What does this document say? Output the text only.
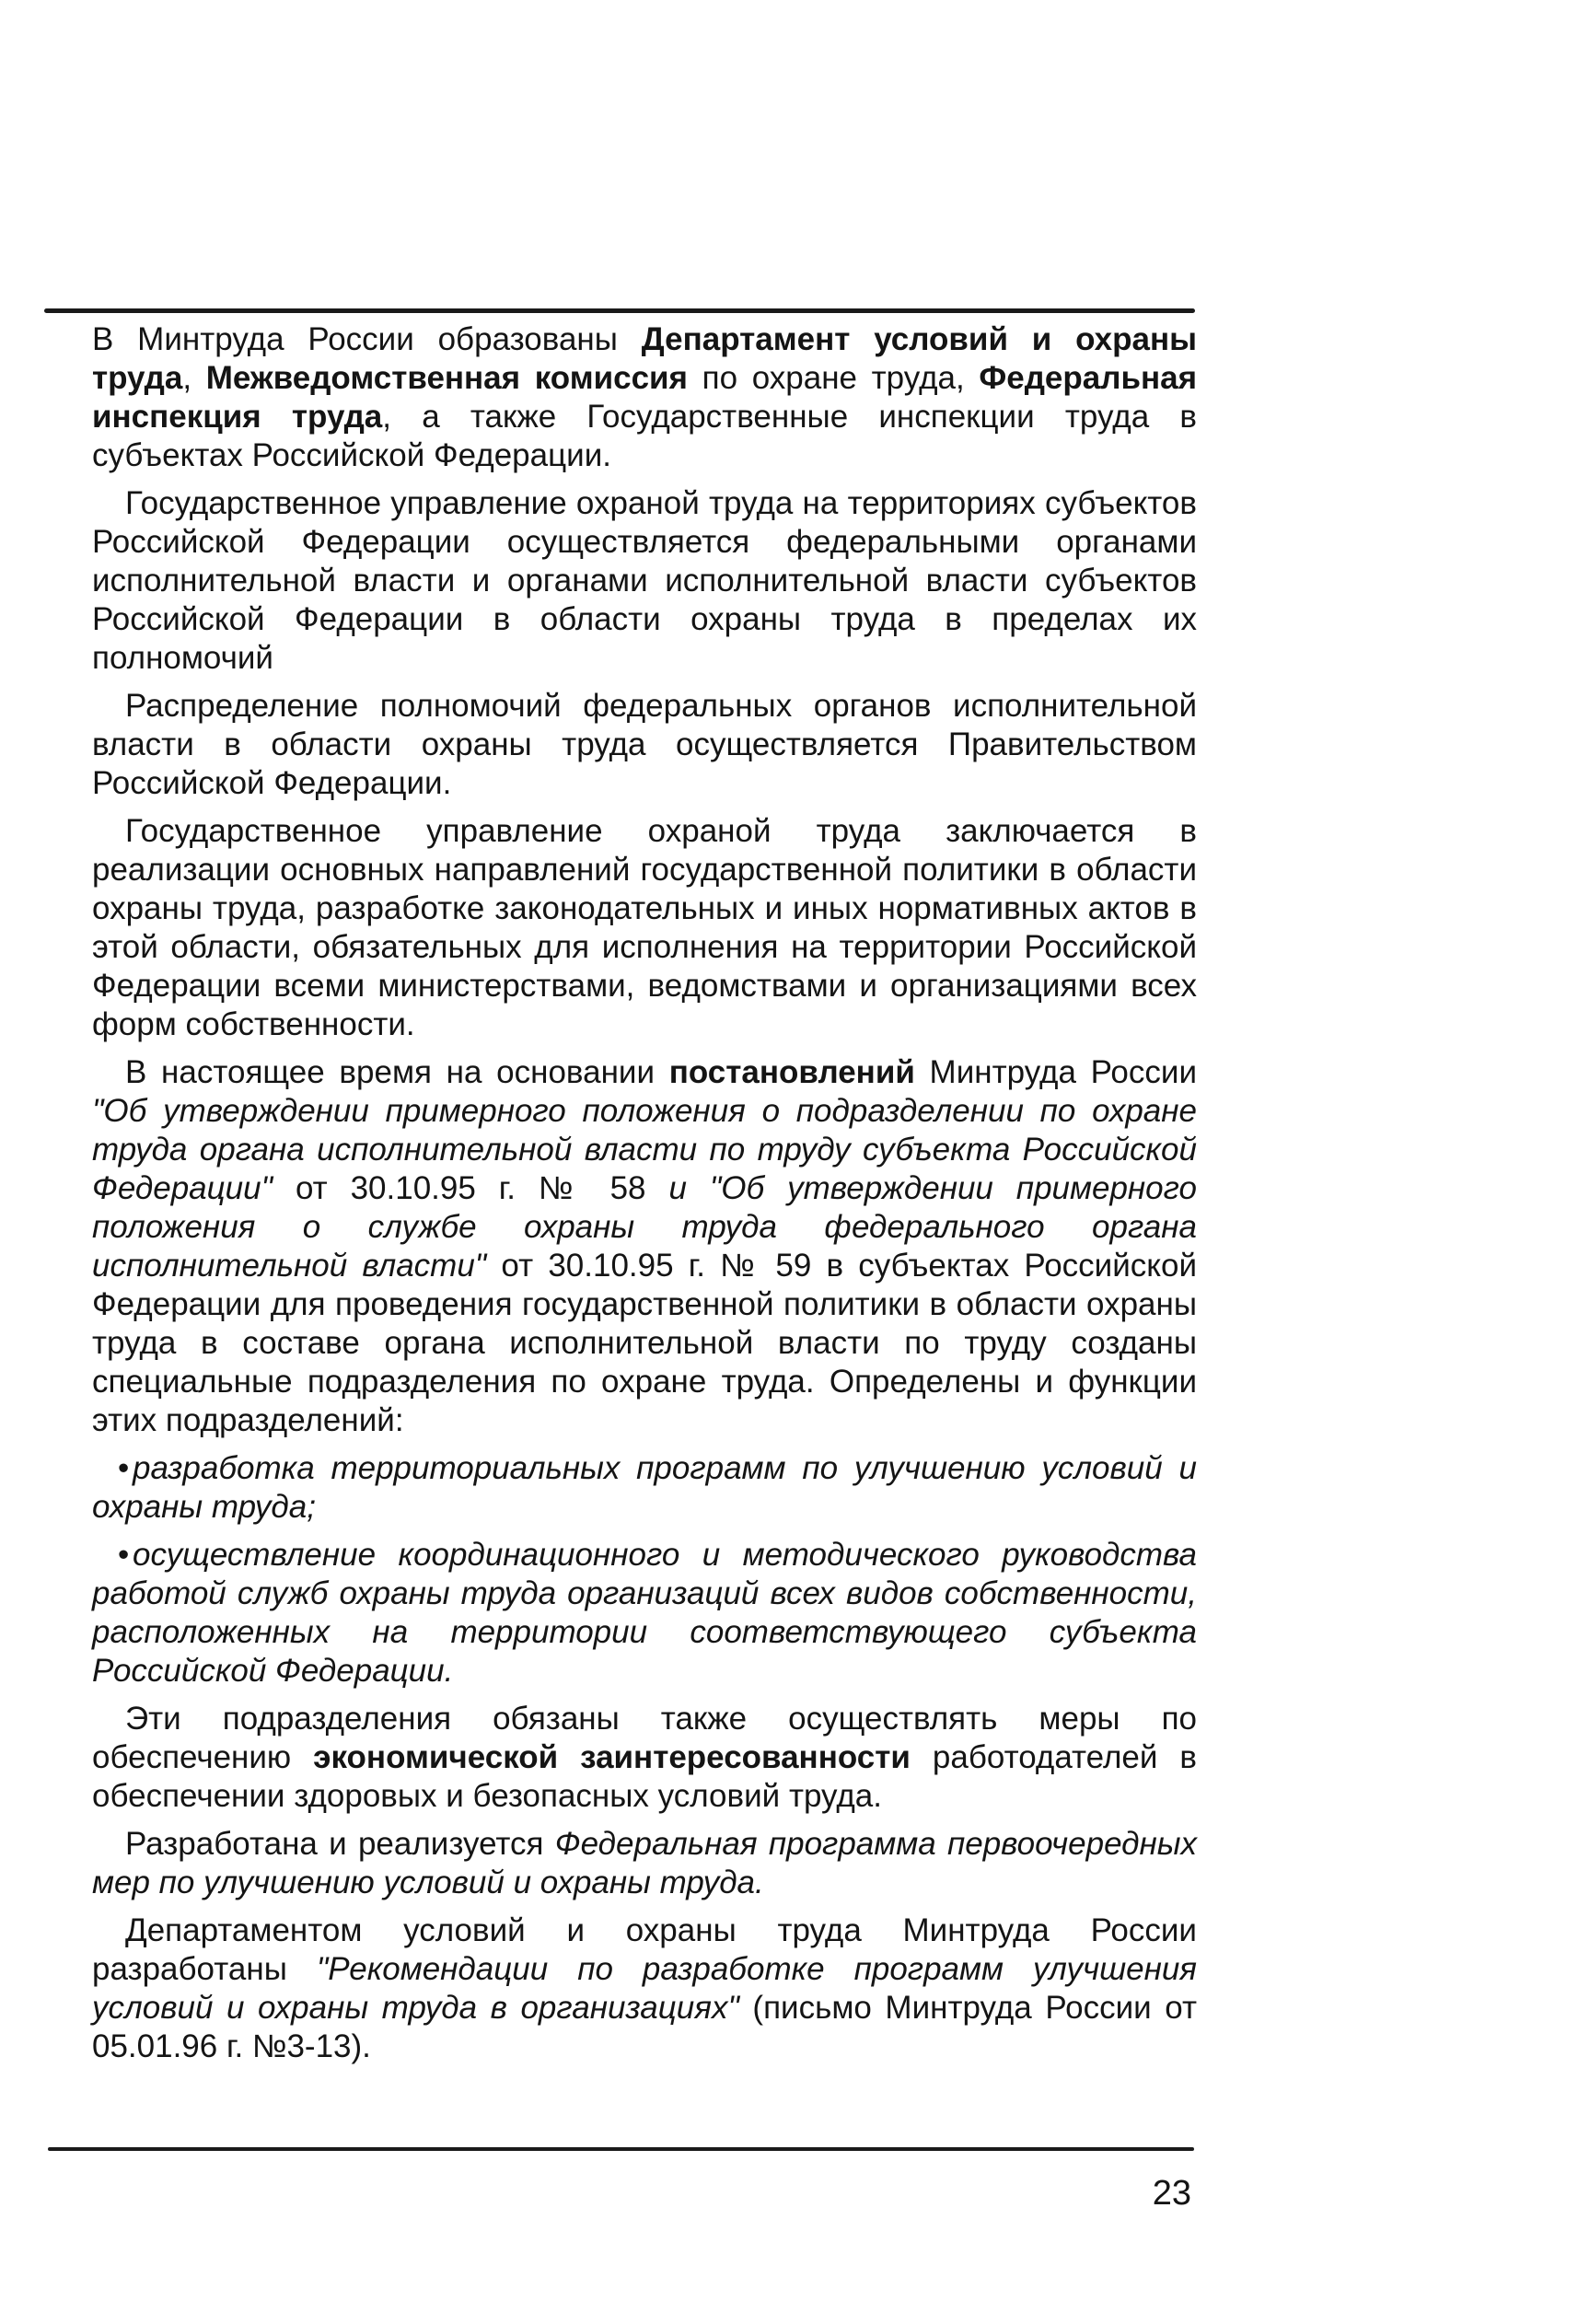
В Минтруда России образованы Департамент условий и охраны труда, Межведомственная комиссия по охране труда, Федеральная инспекция труда, а также Государственные инспекции труда в субъектах Российской Федерации.

Государственное управление охраной труда на территориях субъектов Российской Федерации осуществляется федеральными органами исполнительной власти и органами исполнительной власти субъектов Российской Федерации в области охраны труда в пределах их полномочий

Распределение полномочий федеральных органов исполнительной власти в области охраны труда осуществляется Правительством Российской Федерации.

Государственное управление охраной труда заключается в реализации основных направлений государственной политики в области охраны труда, разработке законодательных и иных нормативных актов в этой области, обязательных для исполнения на территории Российской Федерации всеми министерствами, ведомствами и организациями всех форм собственности.

В настоящее время на основании постановлений Минтруда России "Об утверждении примерного положения о подразделении по охране труда органа исполнительной власти по труду субъекта Российской Федерации" от 30.10.95 г. № 58 и "Об утверждении примерного положения о службе охраны труда федерального органа исполнительной власти" от 30.10.95 г. № 59 в субъектах Российской Федерации для проведения государственной политики в области охраны труда в составе органа исполнительной власти по труду созданы специальные подразделения по охране труда. Определены и функции этих подразделений:

• разработка территориальных программ по улучшению условий и охраны труда;

• осуществление координационного и методического руководства работой служб охраны труда организаций всех видов собственности, расположенных на территории соответствующего субъекта Российской Федерации.

Эти подразделения обязаны также осуществлять меры по обеспечению экономической заинтересованности работодателей в обеспечении здоровых и безопасных условий труда.

Разработана и реализуется Федеральная программа первоочередных мер по улучшению условий и охраны труда.

Департаментом условий и охраны труда Минтруда России разработаны "Рекомендации по разработке программ улучшения условий и охраны труда в организациях" (письмо Минтруда России от 05.01.96 г. №3-13).

23
